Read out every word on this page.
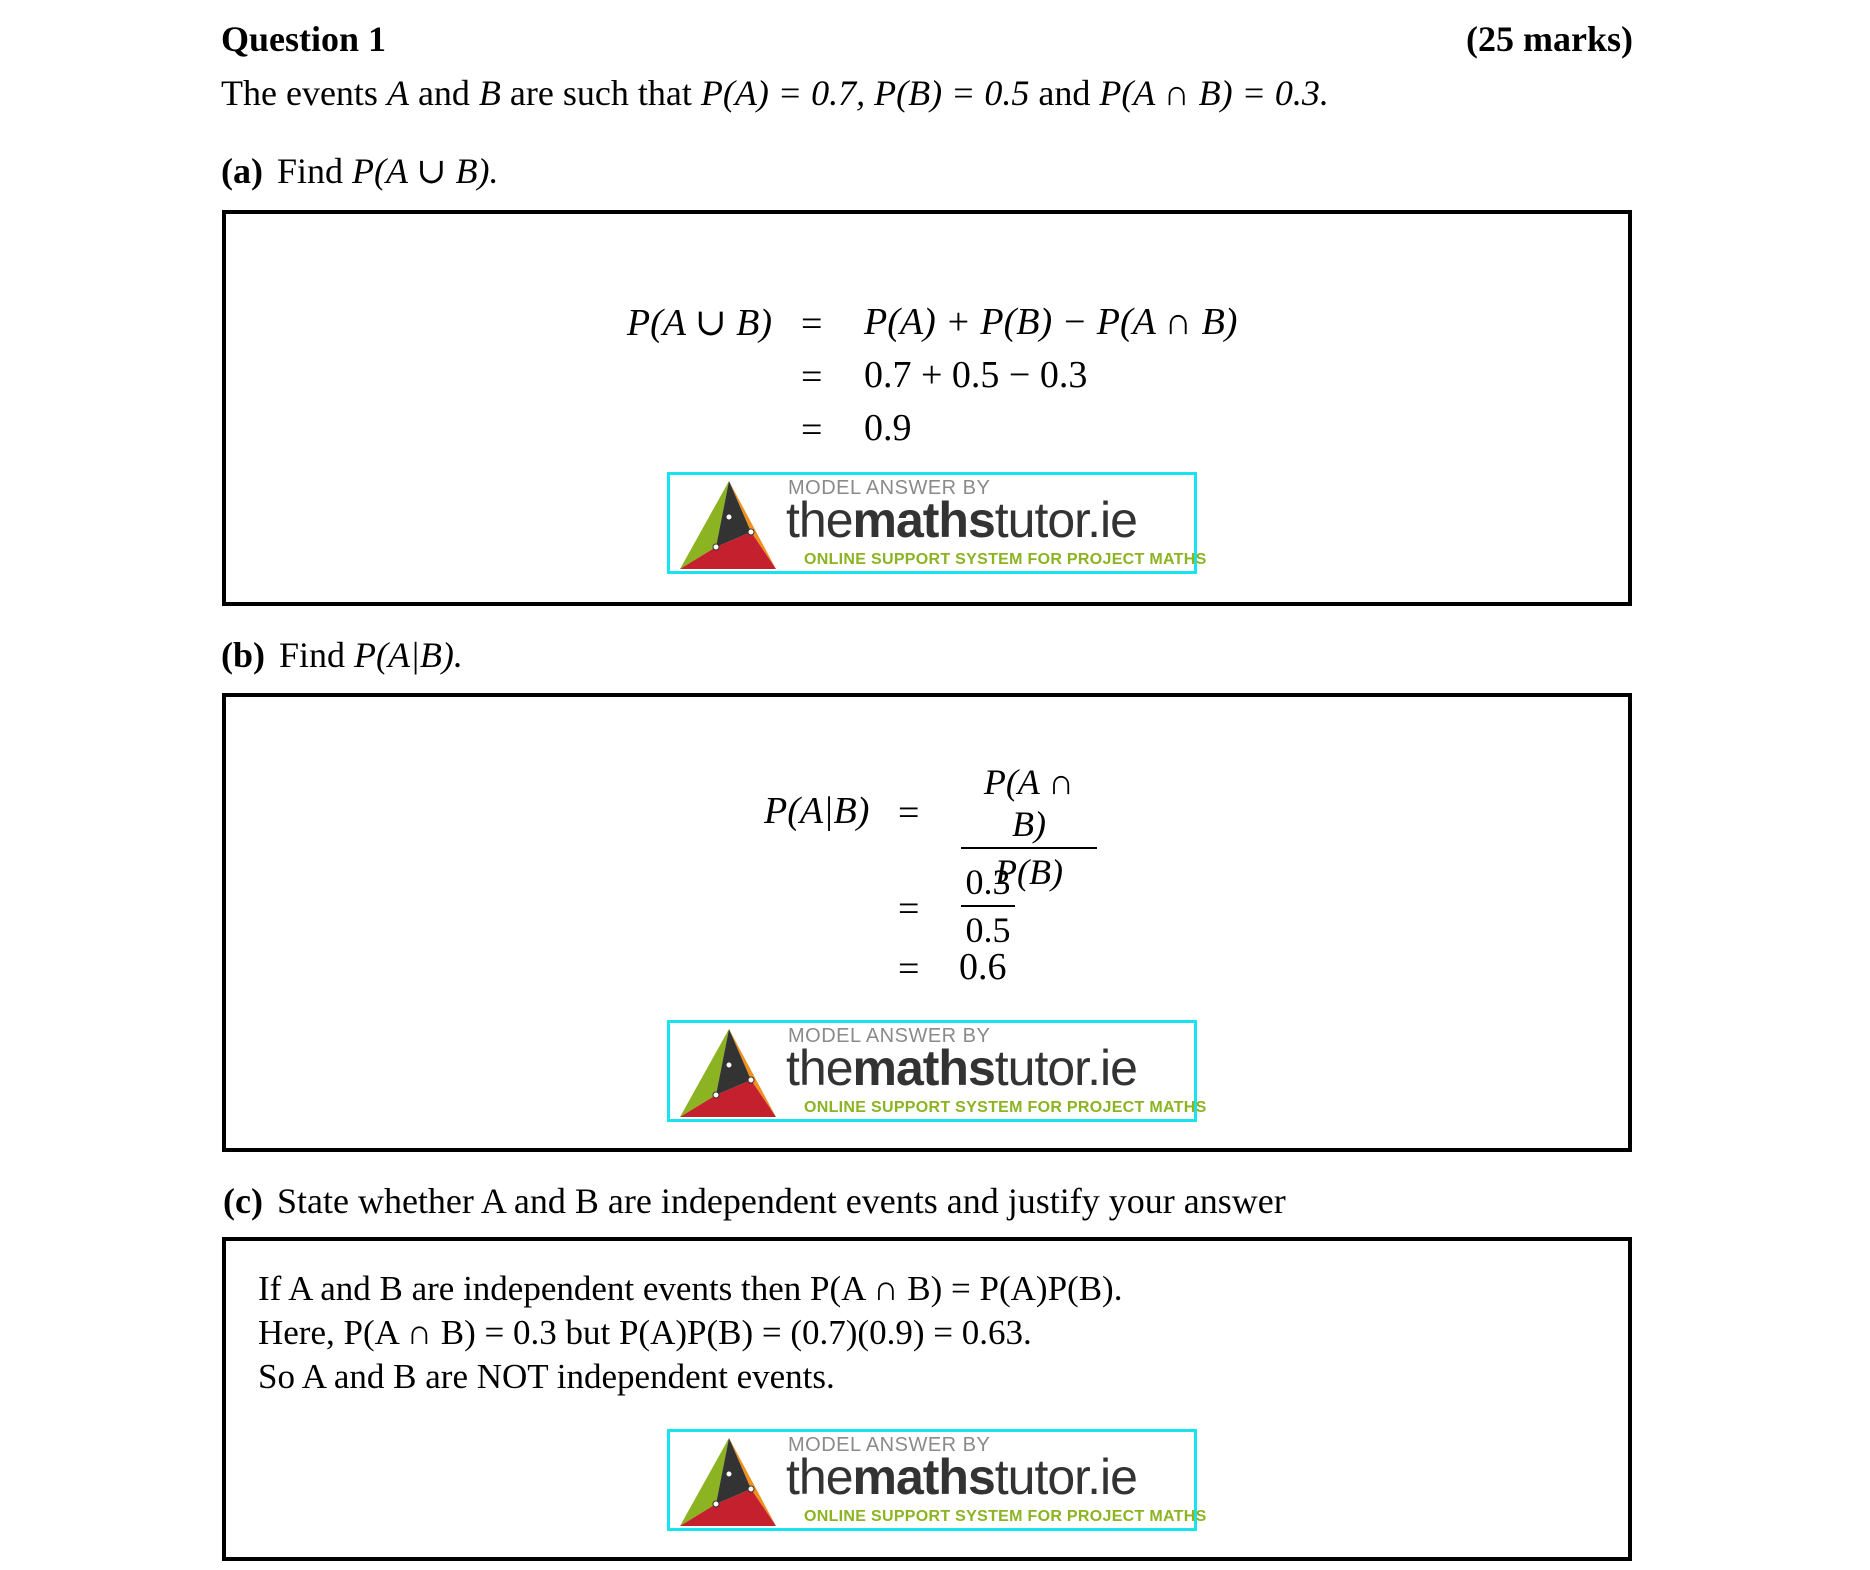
Question 1	(25 marks)
The events A and B are such that P(A) = 0.7, P(B) = 0.5 and P(A ∩ B) = 0.3.
(a) Find P(A ∪ B).
P(A ∪ B) = P(A) + P(B) − P(A ∩ B)
= 0.7 + 0.5 − 0.3
= 0.9
MODEL ANSWER BY
themathstutor.ie
ONLINE SUPPORT SYSTEM FOR PROJECT MATHS
(b) Find P(A|B).
P(A|B) =
P(A ∩ B)
P(B)
=
0.3
0.5
= 0.6
MODEL ANSWER BY
themathstutor.ie
ONLINE SUPPORT SYSTEM FOR PROJECT MATHS
(c) State whether A and B are independent events and justify your answer
If A and B are independent events then P(A ∩ B) = P(A)P(B).
Here, P(A ∩ B) = 0.3 but P(A)P(B) = (0.7)(0.9) = 0.63.
So A and B are NOT independent events.
MODEL ANSWER BY
themathstutor.ie
ONLINE SUPPORT SYSTEM FOR PROJECT MATHS
